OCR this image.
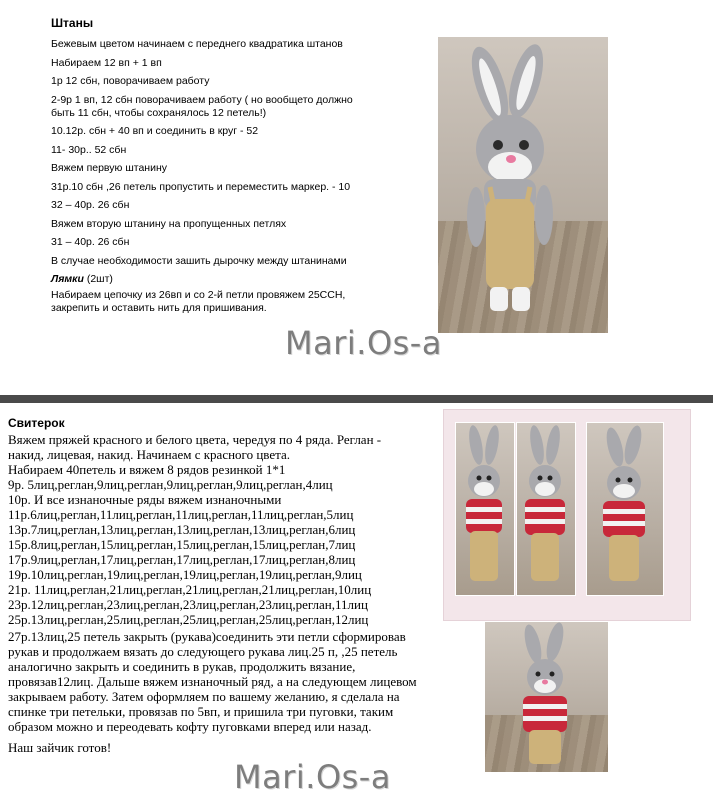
Штаны

Бежевым цветом начинаем с переднего квадратика штанов

Набираем 12 вп + 1 вп

1р 12 сбн, поворачиваем работу

2-9р 1 вп, 12 сбн поворачиваем работу ( но вообщето должно быть 11 сбн, чтобы сохранялось 12 петель!)

10.12р. сбн + 40 вп и соединить в круг - 52

11- 30р.. 52 сбн

Вяжем первую штанину

31р.10 сбн ,26 петель пропустить и переместить маркер. - 10

32 – 40р. 26 сбн

Вяжем вторую штанину на пропущенных петлях

31 – 40р. 26 сбн

В случае необходимости зашить дырочку между штанинами

Лямки (2шт)

Набираем цепочку из 26вп и со 2-й петли провяжем 25ССН, закрепить и оставить нить для пришивания.

Mari.Os-a
Свитерок

Вяжем пряжей красного и белого цвета, чередуя по 4 ряда. Реглан -

накид, лицевая, накид. Начинаем с красного цвета.

Набираем 40петель и вяжем 8 рядов резинкой 1*1

9р. 5лиц,реглан,9лиц,реглан,9лиц,реглан,9лиц,реглан,4лиц

10р. И все изнаночные ряды вяжем изнаночными

11р.6лиц,реглан,11лиц,реглан,11лиц,реглан,11лиц,реглан,5лиц

13р.7лиц,реглан,13лиц,реглан,13лиц,реглан,13лиц,реглан,6лиц

15р.8лиц,реглан,15лиц,реглан,15лиц,реглан,15лиц,реглан,7лиц

17р.9лиц,реглан,17лиц,реглан,17лиц,реглан,17лиц,реглан,8лиц

19р.10лиц,реглан,19лиц,реглан,19лиц,реглан,19лиц,реглан,9лиц

21р. 11лиц,реглан,21лиц,реглан,21лиц,реглан,21лиц,реглан,10лиц

23р.12лиц,реглан,23лиц,реглан,23лиц,реглан,23лиц,реглан,11лиц

25р.13лиц,реглан,25лиц,реглан,25лиц,реглан,25лиц,реглан,12лиц

27р.13лиц,25 петель закрыть (рукава)соединить эти петли сформировав

рукав и продолжаем вязать до следующего рукава лиц.25 п, ,25 петель

аналогично закрыть и соединить в рукав, продолжить вязание,

провязав12лиц. Дальше вяжем изнаночный ряд, а на следующем лицевом

закрываем работу. Затем оформляем по вашему желанию, я сделала на

спинке три петельки, провязав по 5вп, и пришила три пуговки, таким

образом можно и переодевать кофту пуговками вперед или назад.

Наш зайчик готов!

Mari.Os-a
